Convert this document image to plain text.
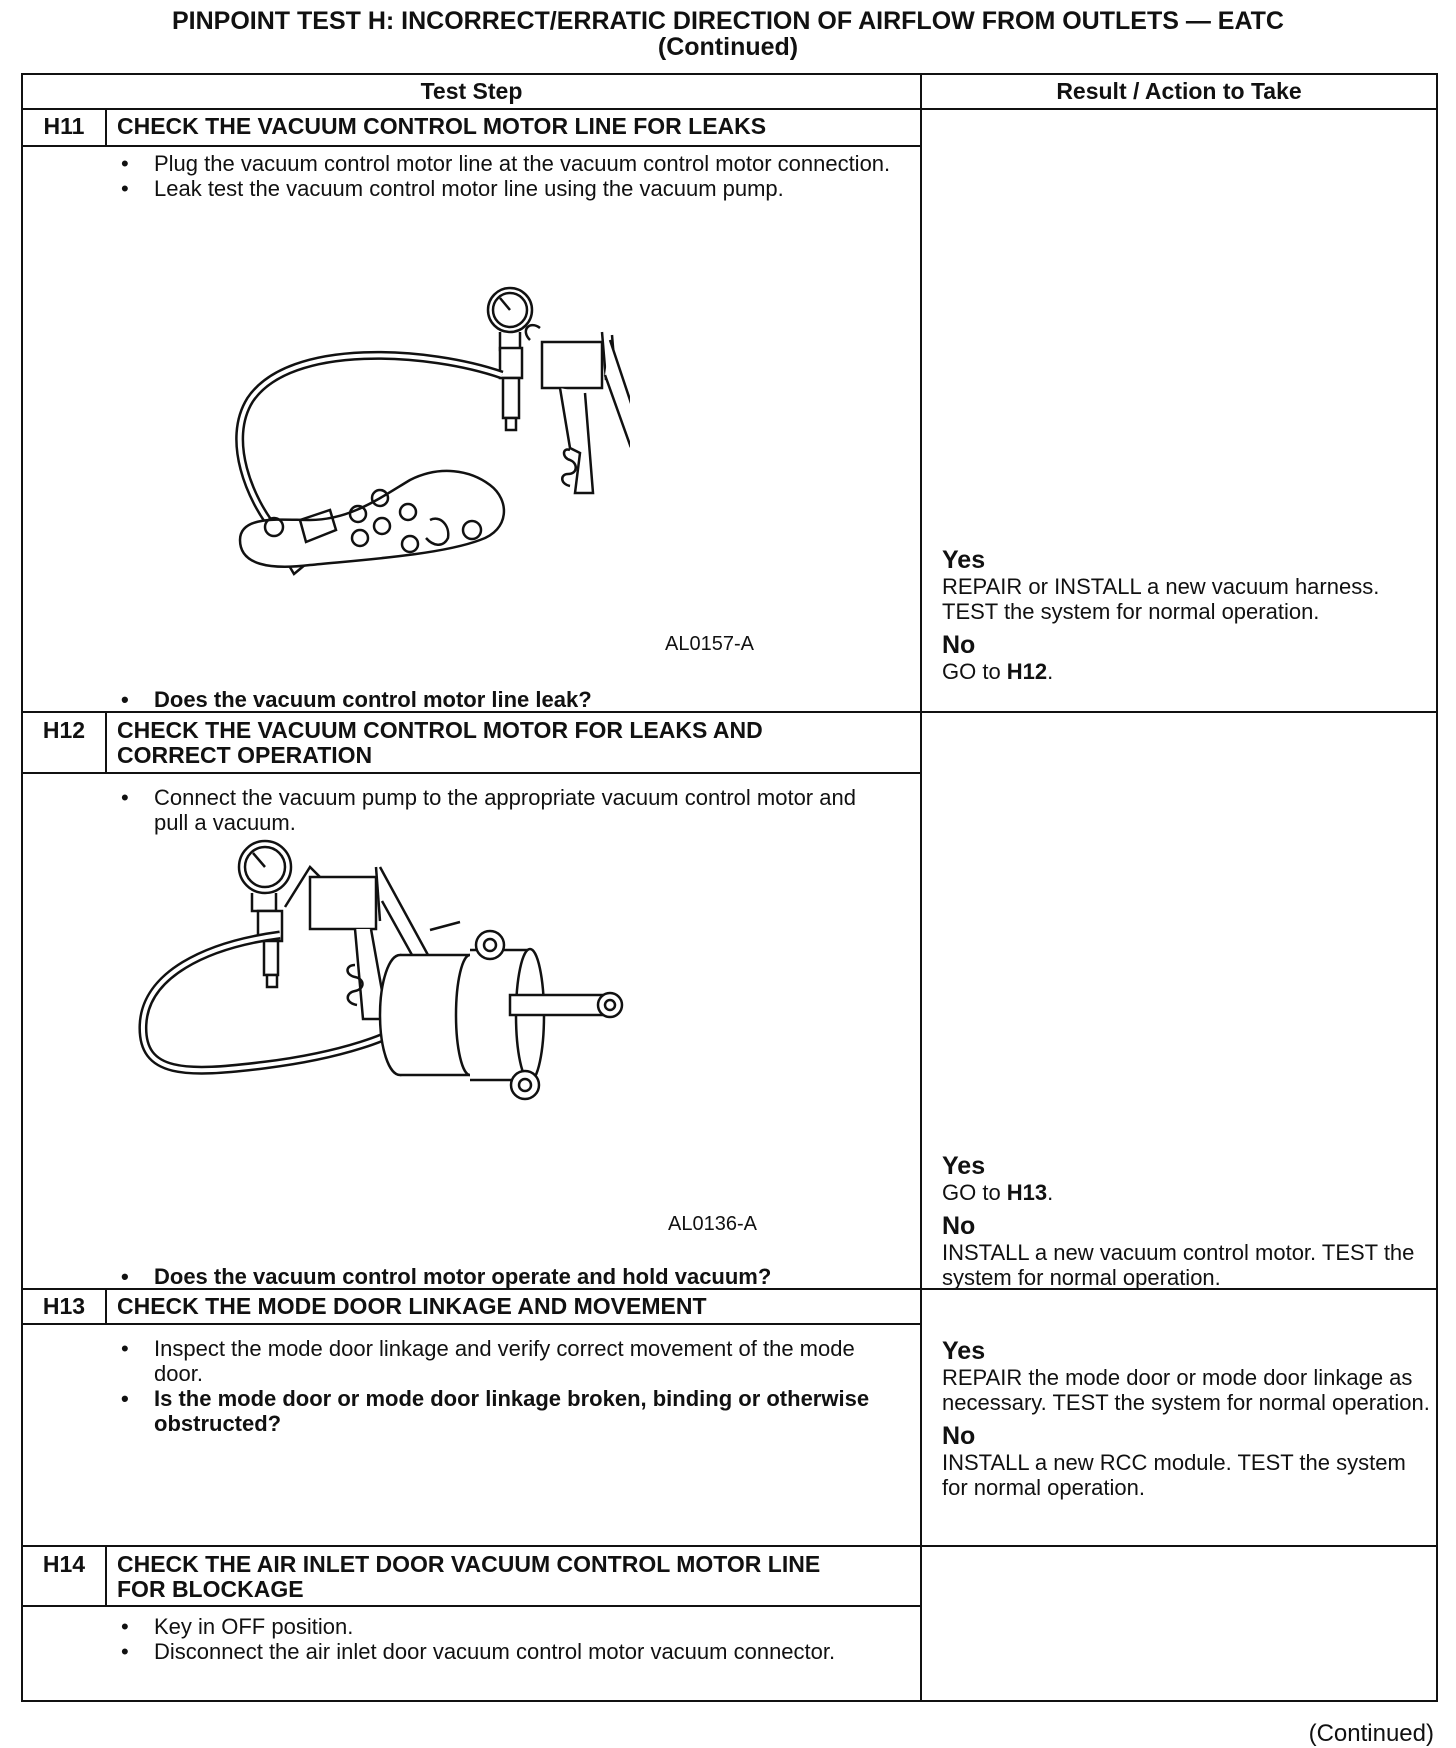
PINPOINT TEST H: INCORRECT/ERRATIC DIRECTION OF AIRFLOW FROM OUTLETS — EATC
(Continued)
Test Step	Result / Action to Take
H11	CHECK THE VACUUM CONTROL MOTOR LINE FOR LEAKS
• Plug the vacuum control motor line at the vacuum control motor connection.
• Leak test the vacuum control motor line using the vacuum pump.
AL0157-A
• Does the vacuum control motor line leak?
Yes
REPAIR or INSTALL a new vacuum harness. TEST the system for normal operation.
No
GO to H12.
H12	CHECK THE VACUUM CONTROL MOTOR FOR LEAKS AND CORRECT OPERATION
• Connect the vacuum pump to the appropriate vacuum control motor and pull a vacuum.
AL0136-A
• Does the vacuum control motor operate and hold vacuum?
Yes
GO to H13.
No
INSTALL a new vacuum control motor. TEST the system for normal operation.
H13	CHECK THE MODE DOOR LINKAGE AND MOVEMENT
• Inspect the mode door linkage and verify correct movement of the mode door.
• Is the mode door or mode door linkage broken, binding or otherwise obstructed?
Yes
REPAIR the mode door or mode door linkage as necessary. TEST the system for normal operation.
No
INSTALL a new RCC module. TEST the system for normal operation.
H14	CHECK THE AIR INLET DOOR VACUUM CONTROL MOTOR LINE FOR BLOCKAGE
• Key in OFF position.
• Disconnect the air inlet door vacuum control motor vacuum connector.
(Continued)
